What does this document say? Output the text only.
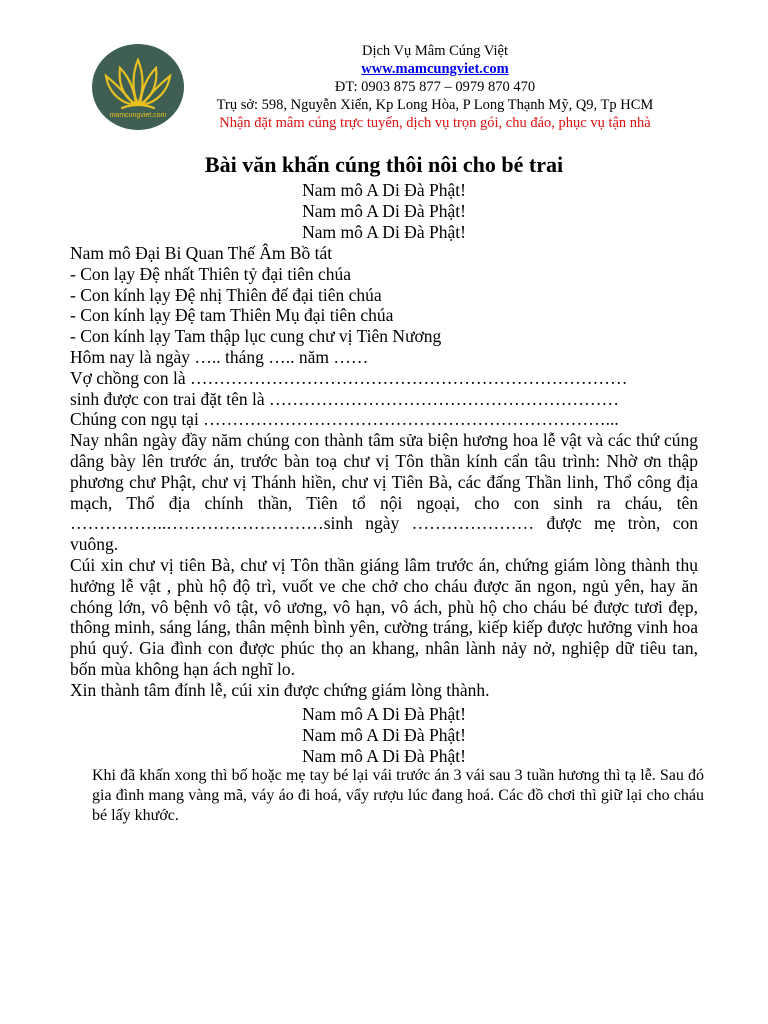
mamcungviet.com
Dịch Vụ Mâm Cúng Việt
www.mamcungviet.com
ĐT: 0903 875 877 – 0979 870 470
Trụ sở: 598, Nguyễn Xiển, Kp Long Hòa, P Long Thạnh Mỹ, Q9, Tp HCM
Nhận đặt mâm cúng trực tuyến, dịch vụ trọn gói, chu đáo, phục vụ tận nhà
Bài văn khấn cúng thôi nôi cho bé trai
Nam mô A Di Đà Phật!
Nam mô A Di Đà Phật!
Nam mô A Di Đà Phật!

Nam mô Đại Bi Quan Thế Âm Bồ tát

- Con lạy Đệ nhất Thiên tỷ đại tiên chúa

- Con kính lạy Đệ nhị Thiên đế đại tiên chúa

- Con kính lạy Đệ tam Thiên Mụ đại tiên chúa

- Con kính lạy Tam thập lục cung chư vị Tiên Nương

Hôm nay là ngày ….. tháng ….. năm ……

Vợ chồng con là …………………………………………………………………

sinh được con trai đặt tên là ……………………………………………………

Chúng con ngụ tại ……………………………………………………………...

Nay nhân ngày đầy năm chúng con thành tâm sửa biện hương hoa lễ vật và các thứ cúng dâng bày lên trước án, trước bàn toạ chư vị Tôn thần kính cẩn tâu trình: Nhờ ơn thập phương chư Phật, chư vị Thánh hiền, chư vị Tiên Bà, các đấng Thần linh, Thổ công địa mạch, Thổ địa chính thần, Tiên tổ nội ngoại, cho con sinh ra cháu, tên ……………..………………………sinh ngày ………………… được mẹ tròn, con vuông.

Cúi xin chư vị tiên Bà, chư vị Tôn thần giáng lâm trước án, chứng giám lòng thành thụ hưởng lễ vật , phù hộ độ trì, vuốt ve che chở cho cháu được ăn ngon, ngủ yên, hay ăn chóng lớn, vô bệnh vô tật, vô ương, vô hạn, vô ách, phù hộ cho cháu bé được tươi đẹp, thông minh, sáng láng, thân mệnh bình yên, cường tráng, kiếp kiếp được hưởng vinh hoa phú quý. Gia đình con được phúc thọ an khang, nhân lành nảy nở, nghiệp dữ tiêu tan, bốn mùa không hạn ách nghĩ lo.

Xin thành tâm đính lễ, cúi xin được chứng giám lòng thành.

Nam mô A Di Đà Phật!
Nam mô A Di Đà Phật!
Nam mô A Di Đà Phật!
Khi đã khấn xong thì bố hoặc mẹ tay bé lại vái trước án 3 vái sau 3 tuần hương thì tạ lễ. Sau đó gia đình mang vàng mã, váy áo đi hoá, vẩy rượu lúc đang hoá. Các đồ chơi thì giữ lại cho cháu bé lấy khước.
